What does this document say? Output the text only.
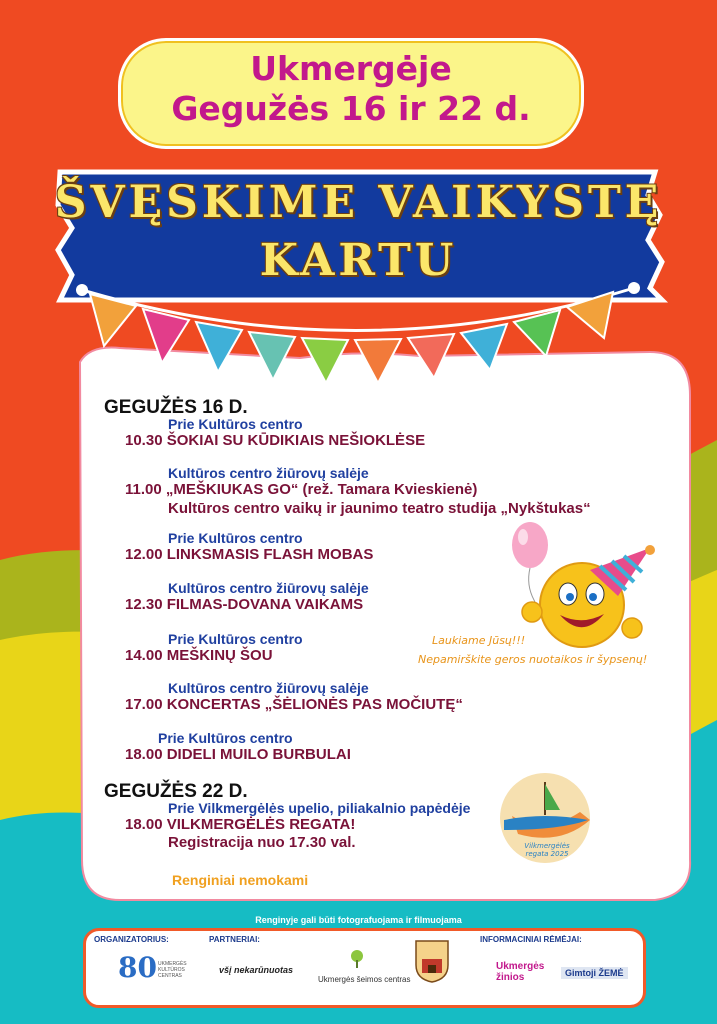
Ukmergėje
Gegužės 16 ir 22 d.
ŠVĘSKIME VAIKYSTĘ
KARTU
GEGUŽĖS 16 D.
Prie Kultūros centro
10.30 ŠOKIAI SU KŪDIKIAIS NEŠIOKLĖSE
Kultūros centro žiūrovų salėje
11.00 „MEŠKIUKAS GO“ (rež. Tamara Kvieskienė)
Kultūros centro vaikų ir jaunimo teatro studija „Nykštukas“
Prie Kultūros centro
12.00 LINKSMASIS FLASH MOBAS
Kultūros centro žiūrovų salėje
12.30 FILMAS-DOVANA VAIKAMS
Prie Kultūros centro
14.00 MEŠKINŲ ŠOU
Kultūros centro žiūrovų salėje
17.00 KONCERTAS „ŠĖLIONĖS PAS MOČIUTĘ“
Prie Kultūros centro
18.00 DIDELI MUILO BURBULAI
GEGUŽĖS 22 D.
Prie Vilkmergėlės upelio, piliakalnio papėdėje
18.00 VILKMERGĖLĖS REGATA!
Registracija nuo 17.30 val.
Laukiame Jūsų!!!
Nepamirškite geros nuotaikos ir šypsenų!
Vilkmergėlės regata 2025
Renginiai nemokami
Renginyje gali būti fotografuojama ir filmuojama
ORGANIZATORIUS:	PARTNERIAI:	INFORMACINIAI RĖMĖJAI:
80 UKMERGĖS KULTŪROS CENTRAS
všį nekarūnuotas
Ukmergės šeimos centras
Ukmergės žinios	Gimtoji ŽEMĖ
